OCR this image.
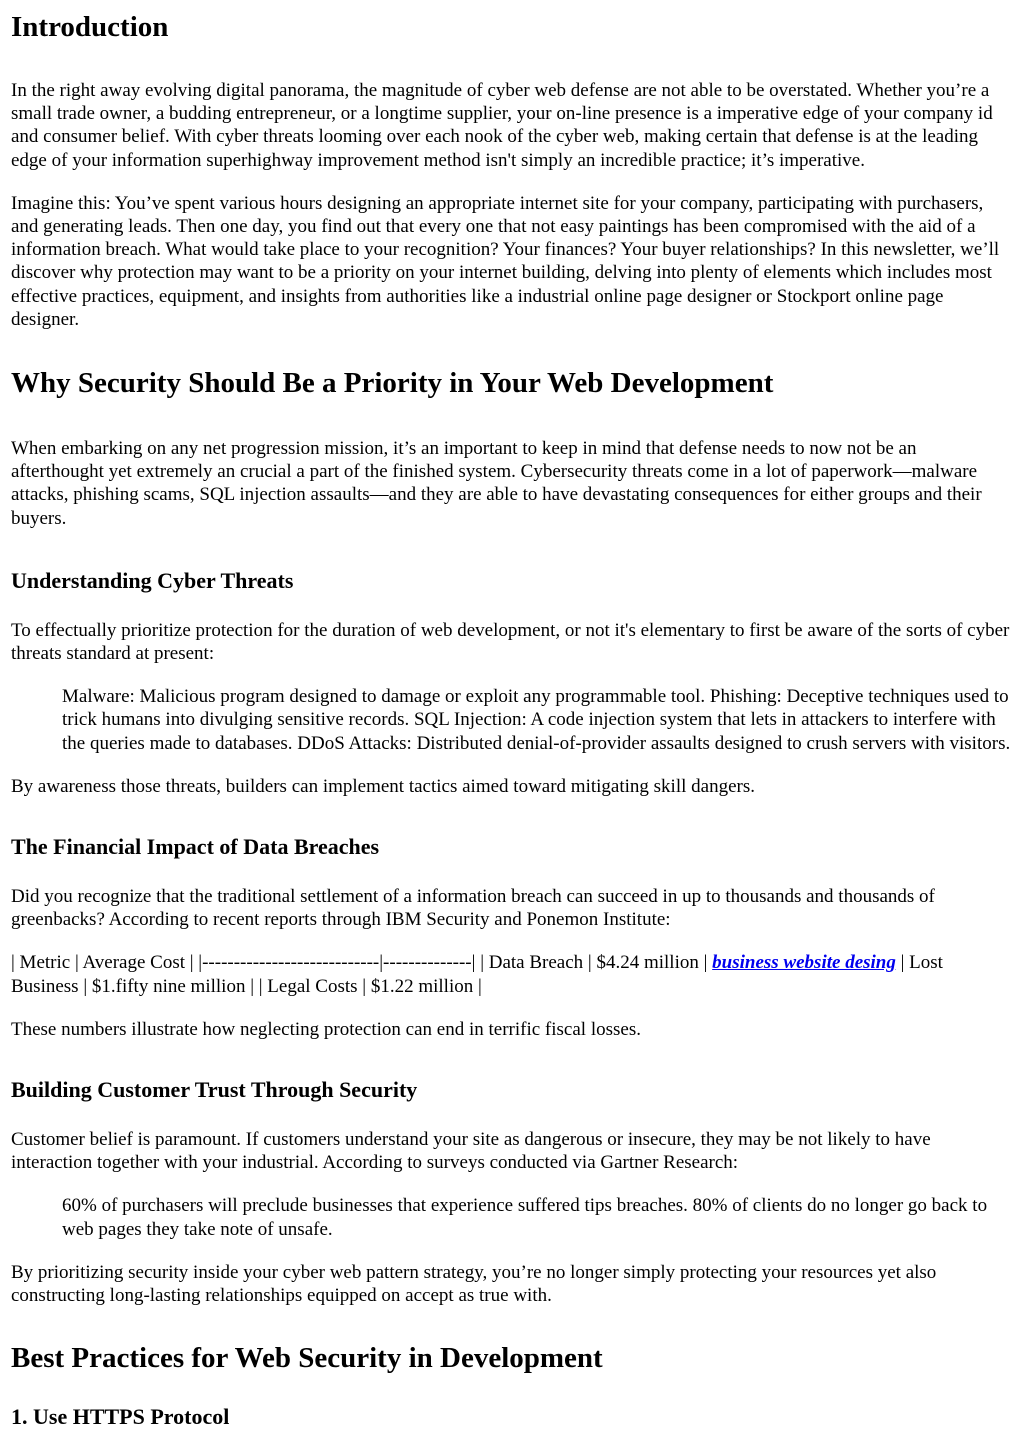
Introduction

In the right away evolving digital panorama, the magnitude of cyber web defense are not able to be overstated. Whether you’re a small trade owner, a budding entrepreneur, or a longtime supplier, your on-line presence is a imperative edge of your company id and consumer belief. With cyber threats looming over each nook of the cyber web, making certain that defense is at the leading edge of your information superhighway improvement method isn't simply an incredible practice; it’s imperative.

Imagine this: You’ve spent various hours designing an appropriate internet site for your company, participating with purchasers, and generating leads. Then one day, you find out that every one that not easy paintings has been compromised with the aid of a information breach. What would take place to your recognition? Your finances? Your buyer relationships? In this newsletter, we’ll discover why protection may want to be a priority on your internet building, delving into plenty of elements which includes most effective practices, equipment, and insights from authorities like a industrial online page designer or Stockport online page designer.

Why Security Should Be a Priority in Your Web Development

When embarking on any net progression mission, it’s an important to keep in mind that defense needs to now not be an afterthought yet extremely an crucial a part of the finished system. Cybersecurity threats come in a lot of paperwork—malware attacks, phishing scams, SQL injection assaults—and they are able to have devastating consequences for either groups and their buyers.

Understanding Cyber Threats

To effectually prioritize protection for the duration of web development, or not it's elementary to first be aware of the sorts of cyber threats standard at present:

Malware: Malicious program designed to damage or exploit any programmable tool. Phishing: Deceptive techniques used to trick humans into divulging sensitive records. SQL Injection: A code injection system that lets in attackers to interfere with the queries made to databases. DDoS Attacks: Distributed denial-of-provider assaults designed to crush servers with visitors.

By awareness those threats, builders can implement tactics aimed toward mitigating skill dangers.

The Financial Impact of Data Breaches

Did you recognize that the traditional settlement of a information breach can succeed in up to thousands and thousands of greenbacks? According to recent reports through IBM Security and Ponemon Institute:

| Metric | Average Cost | |----------------------------|--------------| | Data Breach | $4.24 million | business website desing | Lost Business | $1.fifty nine million | | Legal Costs | $1.22 million |

These numbers illustrate how neglecting protection can end in terrific fiscal losses.

Building Customer Trust Through Security

Customer belief is paramount. If customers understand your site as dangerous or insecure, they may be not likely to have interaction together with your industrial. According to surveys conducted via Gartner Research:

60% of purchasers will preclude businesses that experience suffered tips breaches. 80% of clients do no longer go back to web pages they take note of unsafe.

By prioritizing security inside your cyber web pattern strategy, you’re no longer simply protecting your resources yet also constructing long-lasting relationships equipped on accept as true with.

Best Practices for Web Security in Development
1. Use HTTPS Protocol
